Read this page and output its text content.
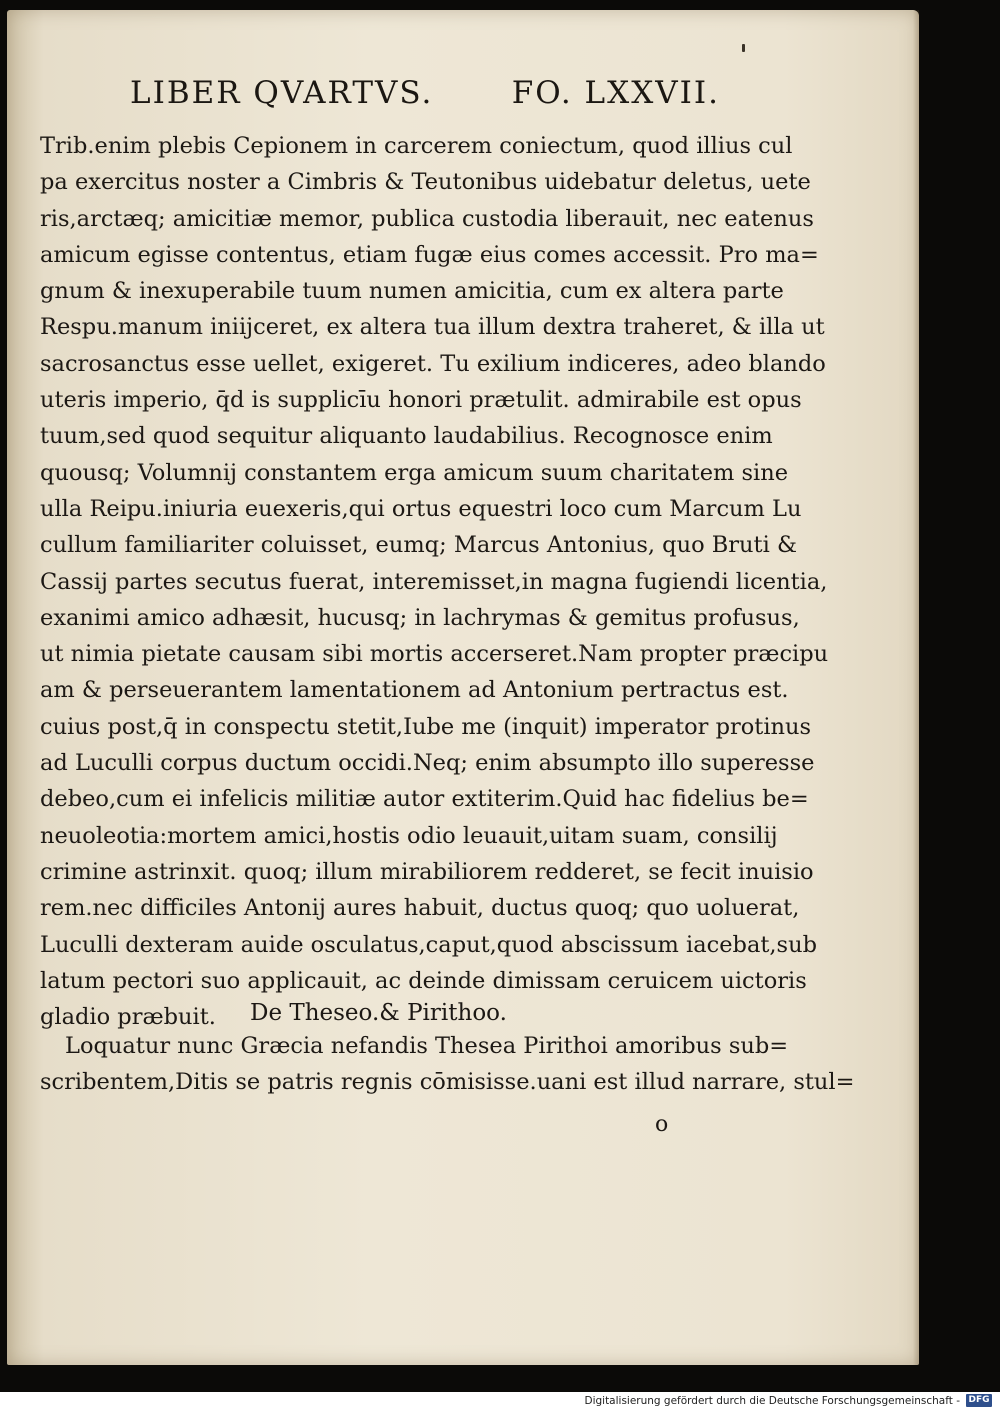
LIBER QVARTVS.	FO. LXXVII.
Trib.enim plebis Cepionem in carcerem coniectum, quod illius cul
pa exercitus noster a Cimbris & Teutonibus uidebatur deletus, uete
ris,arctæq; amicitiæ memor, publica custodia liberauit, nec eatenus
amicum egisse contentus, etiam fugæ eius comes accessit. Pro ma=
gnum & inexuperabile tuum numen amicitia, cum ex altera parte
Respu.manum iniijceret, ex altera tua illum dextra traheret, & illa ut
sacrosanctus esse uellet, exigeret. Tu exilium indiceres, adeo blando
uteris imperio, q̄d is supplicīu honori prætulit. admirabile est opus
tuum,sed quod sequitur aliquanto laudabilius. Recognosce enim
quousq; Volumnij constantem erga amicum suum charitatem sine
ulla Reipu.iniuria euexeris,qui ortus equestri loco cum Marcum Lu
cullum familiariter coluisset, eumq; Marcus Antonius, quo Bruti &
Cassij partes secutus fuerat, interemisset,in magna fugiendi licentia,
exanimi amico adhæsit, hucusq; in lachrymas & gemitus profusus,
ut nimia pietate causam sibi mortis accerseret.Nam propter præcipu
am & perseuerantem lamentationem ad Antonium pertractus est.
cuius post,q̄ in conspectu stetit,Iube me (inquit) imperator protinus
ad Luculli corpus ductum occidi.Neq; enim absumpto illo superesse
debeo,cum ei infelicis militiæ autor extiterim.Quid hac fidelius be=
neuoleotia:mortem amici,hostis odio leuauit,uitam suam, consilij
crimine astrinxit. quoq; illum mirabiliorem redderet, se fecit inuisio
rem.nec difficiles Antonij aures habuit, ductus quoq; quo uoluerat,
Luculli dexteram auide osculatus,caput,quod abscissum iacebat,sub
latum pectori suo applicauit, ac deinde dimissam ceruicem uictoris
gladio præbuit.	De Theseo.& Pirithoo.
Loquatur nunc Græcia nefandis Thesea Pirithoi amoribus sub=
scribentem,Ditis se patris regnis cōmisisse.uani est illud narrare, stul=
o
Digitalisierung gefördert durch die Deutsche Forschungsgemeinschaft - DFG
